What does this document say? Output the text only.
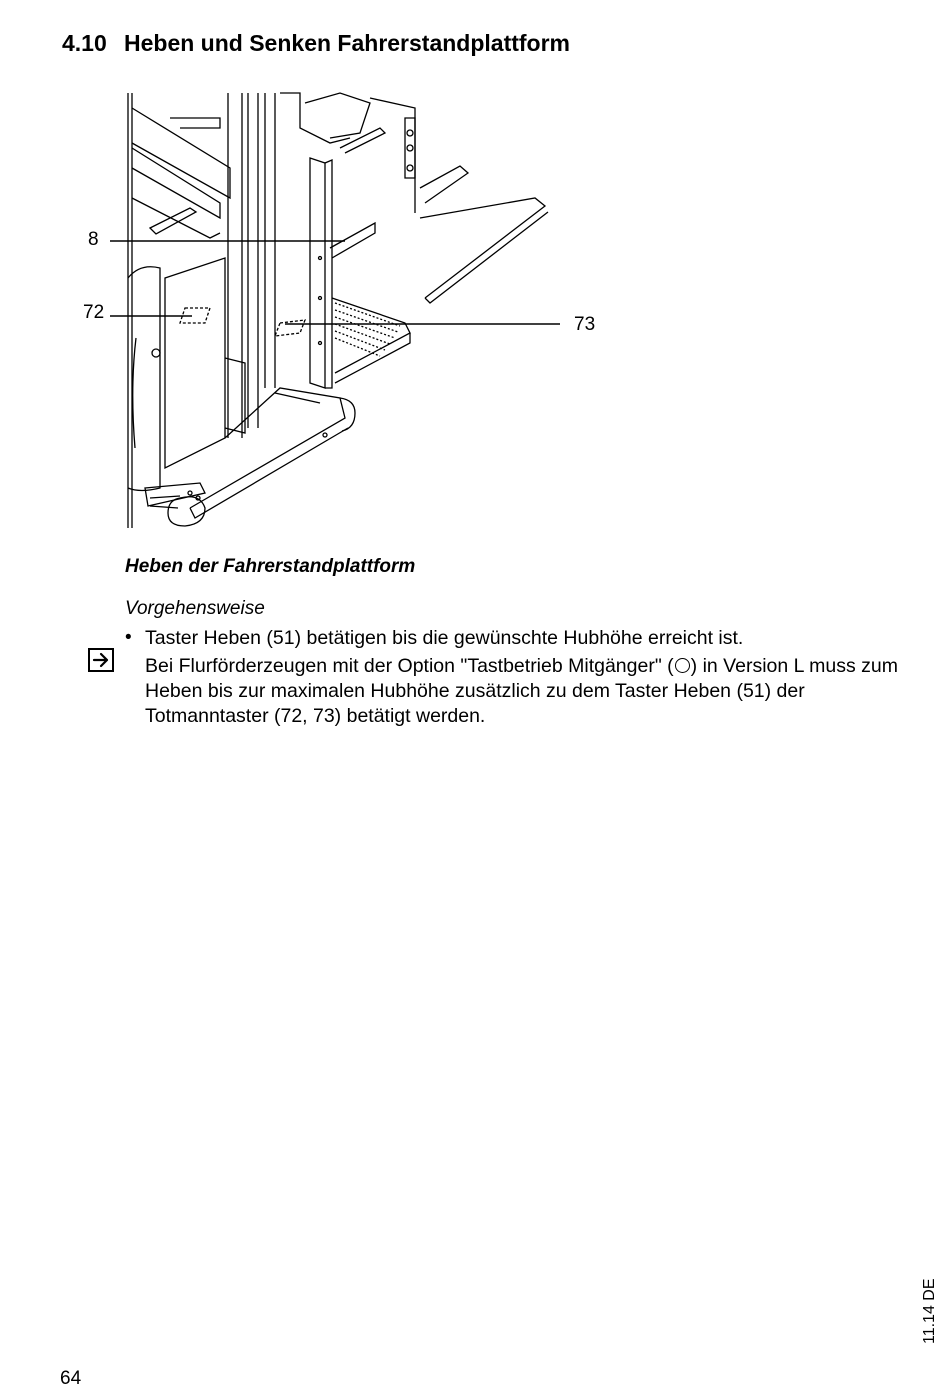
4.10 Heben und Senken Fahrerstandplattform
8
72
73
Heben der Fahrerstandplattform
Vorgehensweise
• Taster Heben (51) betätigen bis die gewünschte Hubhöhe erreicht ist.
Bei Flurförderzeugen mit der Option "Tastbetrieb Mitgänger" ( ) in Version L muss zum Heben bis zur maximalen Hubhöhe zusätzlich zu dem Taster Heben (51) der Totmanntaster (72, 73) betätigt werden.
11.14 DE
64
